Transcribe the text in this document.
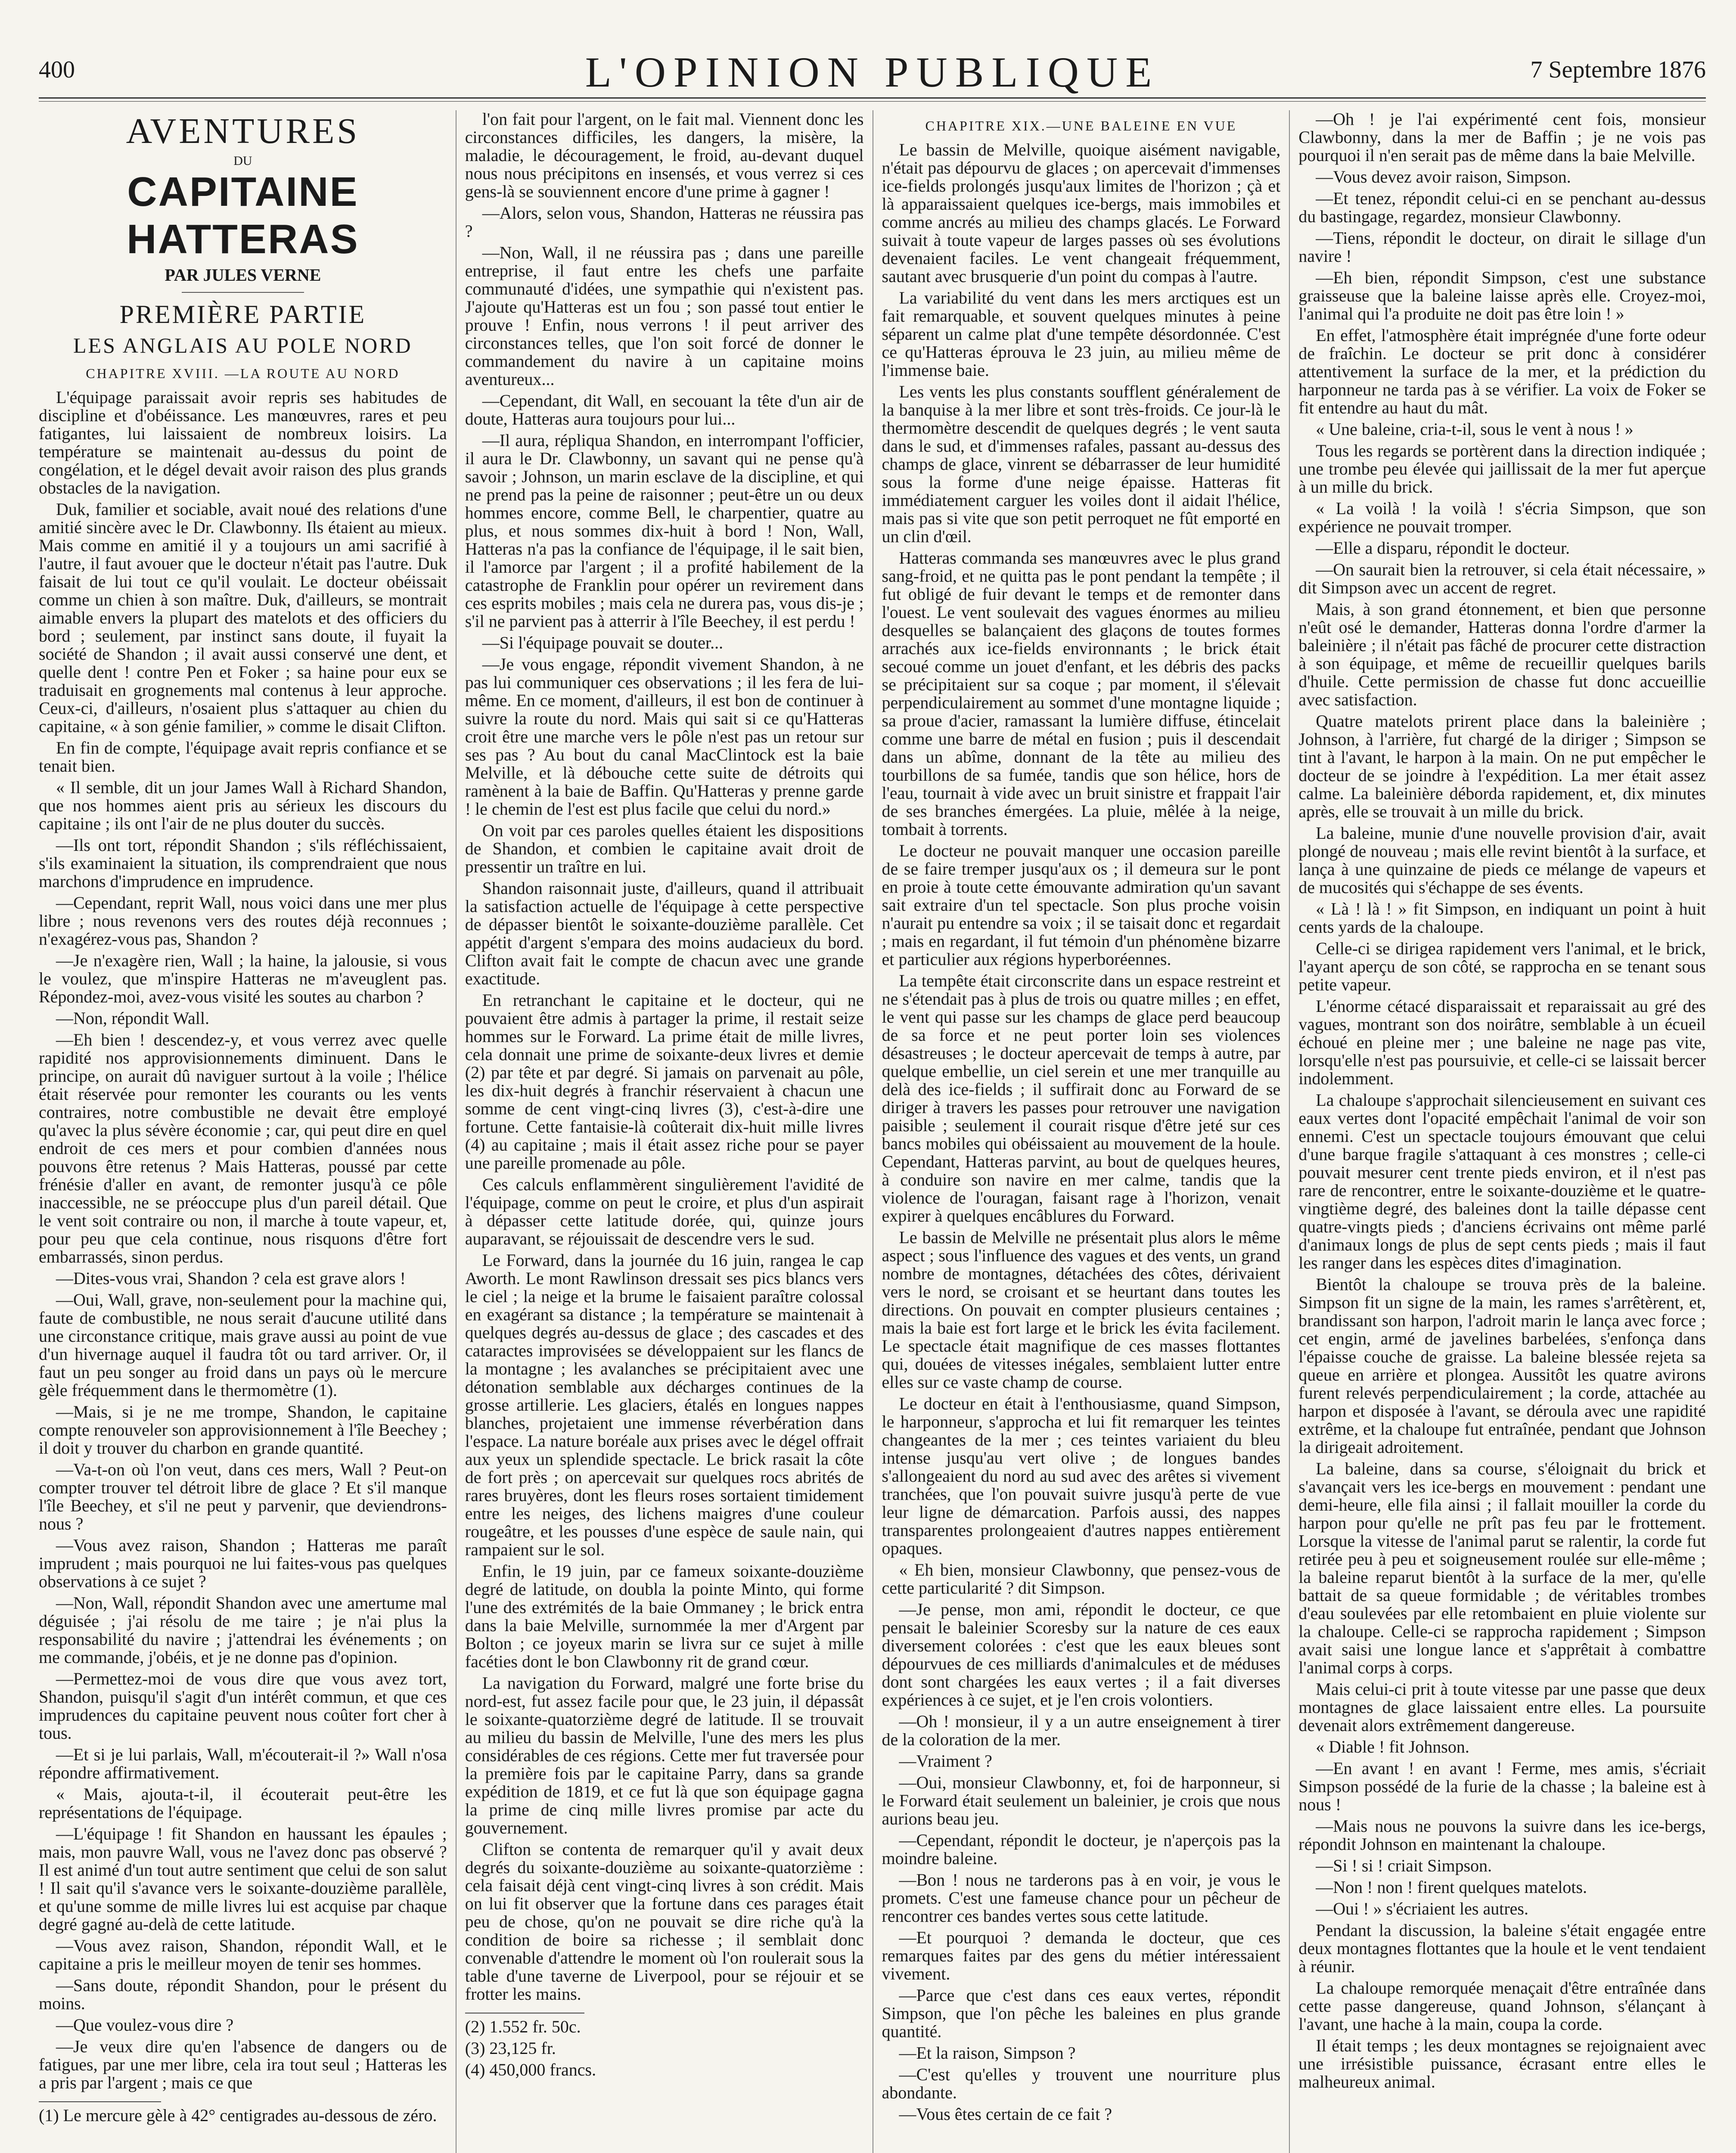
400	L'OPINION PUBLIQUE	7 Septembre 1876
AVENTURES
DU
CAPITAINE HATTERAS
PAR JULES VERNE
PREMIÈRE PARTIE
LES ANGLAIS AU POLE NORD
CHAPITRE XVIII. —LA ROUTE AU NORD

L'équipage paraissait avoir repris ses habitudes de discipline et d'obéissance. Les manœuvres, rares et peu fatigantes, lui laissaient de nombreux loisirs. La température se maintenait au-dessus du point de congélation, et le dégel devait avoir raison des plus grands obstacles de la navigation.

Duk, familier et sociable, avait noué des relations d'une amitié sincère avec le Dr. Clawbonny. Ils étaient au mieux. Mais comme en amitié il y a toujours un ami sacrifié à l'autre, il faut avouer que le docteur n'était pas l'autre. Duk faisait de lui tout ce qu'il voulait. Le docteur obéissait comme un chien à son maître. Duk, d'ailleurs, se montrait aimable envers la plupart des matelots et des officiers du bord ; seulement, par instinct sans doute, il fuyait la société de Shandon ; il avait aussi conservé une dent, et quelle dent ! contre Pen et Foker ; sa haine pour eux se traduisait en grognements mal contenus à leur approche. Ceux-ci, d'ailleurs, n'osaient plus s'attaquer au chien du capitaine, « à son génie familier, » comme le disait Clifton.

En fin de compte, l'équipage avait repris confiance et se tenait bien.

« Il semble, dit un jour James Wall à Richard Shandon, que nos hommes aient pris au sérieux les discours du capitaine ; ils ont l'air de ne plus douter du succès.

—Ils ont tort, répondit Shandon ; s'ils réfléchissaient, s'ils examinaient la situation, ils comprendraient que nous marchons d'imprudence en imprudence.

—Cependant, reprit Wall, nous voici dans une mer plus libre ; nous revenons vers des routes déjà reconnues ; n'exagérez-vous pas, Shandon ?

—Je n'exagère rien, Wall ; la haine, la jalousie, si vous le voulez, que m'inspire Hatteras ne m'aveuglent pas. Répondez-moi, avez-vous visité les soutes au charbon ?

—Non, répondit Wall.

—Eh bien ! descendez-y, et vous verrez avec quelle rapidité nos approvisionnements diminuent. Dans le principe, on aurait dû naviguer surtout à la voile ; l'hélice était réservée pour remonter les courants ou les vents contraires, notre combustible ne devait être employé qu'avec la plus sévère économie ; car, qui peut dire en quel endroit de ces mers et pour combien d'années nous pouvons être retenus ? Mais Hatteras, poussé par cette frénésie d'aller en avant, de remonter jusqu'à ce pôle inaccessible, ne se préoccupe plus d'un pareil détail. Que le vent soit contraire ou non, il marche à toute vapeur, et, pour peu que cela continue, nous risquons d'être fort embarrassés, sinon perdus.

—Dites-vous vrai, Shandon ? cela est grave alors !

—Oui, Wall, grave, non-seulement pour la machine qui, faute de combustible, ne nous serait d'aucune utilité dans une circonstance critique, mais grave aussi au point de vue d'un hivernage auquel il faudra tôt ou tard arriver. Or, il faut un peu songer au froid dans un pays où le mercure gèle fréquemment dans le thermomètre (1).

—Mais, si je ne me trompe, Shandon, le capitaine compte renouveler son approvisionnement à l'île Beechey ; il doit y trouver du charbon en grande quantité.

—Va-t-on où l'on veut, dans ces mers, Wall ? Peut-on compter trouver tel détroit libre de glace ? Et s'il manque l'île Beechey, et s'il ne peut y parvenir, que deviendrons-nous ?

—Vous avez raison, Shandon ; Hatteras me paraît imprudent ; mais pourquoi ne lui faites-vous pas quelques observations à ce sujet ?

—Non, Wall, répondit Shandon avec une amertume mal déguisée ; j'ai résolu de me taire ; je n'ai plus la responsabilité du navire ; j'attendrai les événements ; on me commande, j'obéis, et je ne donne pas d'opinion.

—Permettez-moi de vous dire que vous avez tort, Shandon, puisqu'il s'agit d'un intérêt commun, et que ces imprudences du capitaine peuvent nous coûter fort cher à tous.

—Et si je lui parlais, Wall, m'écouterait-il ?» Wall n'osa répondre affirmativement.

« Mais, ajouta-t-il, il écouterait peut-être les représentations de l'équipage.

—L'équipage ! fit Shandon en haussant les épaules ; mais, mon pauvre Wall, vous ne l'avez donc pas observé ? Il est animé d'un tout autre sentiment que celui de son salut ! Il sait qu'il s'avance vers le soixante-douzième parallèle, et qu'une somme de mille livres lui est acquise par chaque degré gagné au-delà de cette latitude.

—Vous avez raison, Shandon, répondit Wall, et le capitaine a pris le meilleur moyen de tenir ses hommes.

—Sans doute, répondit Shandon, pour le présent du moins.

—Que voulez-vous dire ?

—Je veux dire qu'en l'absence de dangers ou de fatigues, par une mer libre, cela ira tout seul ; Hatteras les a pris par l'argent ; mais ce que

(1) Le mercure gèle à 42° centigrades au-dessous de zéro.

l'on fait pour l'argent, on le fait mal. Viennent donc les circonstances difficiles, les dangers, la misère, la maladie, le découragement, le froid, au-devant duquel nous nous précipitons en insensés, et vous verrez si ces gens-là se souviennent encore d'une prime à gagner !

—Alors, selon vous, Shandon, Hatteras ne réussira pas ?

—Non, Wall, il ne réussira pas ; dans une pareille entreprise, il faut entre les chefs une parfaite communauté d'idées, une sympathie qui n'existent pas. J'ajoute qu'Hatteras est un fou ; son passé tout entier le prouve ! Enfin, nous verrons ! il peut arriver des circonstances telles, que l'on soit forcé de donner le commandement du navire à un capitaine moins aventureux...

—Cependant, dit Wall, en secouant la tête d'un air de doute, Hatteras aura toujours pour lui...

—Il aura, répliqua Shandon, en interrompant l'officier, il aura le Dr. Clawbonny, un savant qui ne pense qu'à savoir ; Johnson, un marin esclave de la discipline, et qui ne prend pas la peine de raisonner ; peut-être un ou deux hommes encore, comme Bell, le charpentier, quatre au plus, et nous sommes dix-huit à bord ! Non, Wall, Hatteras n'a pas la confiance de l'équipage, il le sait bien, il l'amorce par l'argent ; il a profité habilement de la catastrophe de Franklin pour opérer un revirement dans ces esprits mobiles ; mais cela ne durera pas, vous dis-je ; s'il ne parvient pas à atterrir à l'île Beechey, il est perdu !

—Si l'équipage pouvait se douter...

—Je vous engage, répondit vivement Shandon, à ne pas lui communiquer ces observations ; il les fera de lui-même. En ce moment, d'ailleurs, il est bon de continuer à suivre la route du nord. Mais qui sait si ce qu'Hatteras croit être une marche vers le pôle n'est pas un retour sur ses pas ? Au bout du canal MacClintock est la baie Melville, et là débouche cette suite de détroits qui ramènent à la baie de Baffin. Qu'Hatteras y prenne garde ! le chemin de l'est est plus facile que celui du nord.»

On voit par ces paroles quelles étaient les dispositions de Shandon, et combien le capitaine avait droit de pressentir un traître en lui.

Shandon raisonnait juste, d'ailleurs, quand il attribuait la satisfaction actuelle de l'équipage à cette perspective de dépasser bientôt le soixante-douzième parallèle. Cet appétit d'argent s'empara des moins audacieux du bord. Clifton avait fait le compte de chacun avec une grande exactitude.

En retranchant le capitaine et le docteur, qui ne pouvaient être admis à partager la prime, il restait seize hommes sur le Forward. La prime était de mille livres, cela donnait une prime de soixante-deux livres et demie (2) par tête et par degré. Si jamais on parvenait au pôle, les dix-huit degrés à franchir réservaient à chacun une somme de cent vingt-cinq livres (3), c'est-à-dire une fortune. Cette fantaisie-là coûterait dix-huit mille livres (4) au capitaine ; mais il était assez riche pour se payer une pareille promenade au pôle.

Ces calculs enflammèrent singulièrement l'avidité de l'équipage, comme on peut le croire, et plus d'un aspirait à dépasser cette latitude dorée, qui, quinze jours auparavant, se réjouissait de descendre vers le sud.

Le Forward, dans la journée du 16 juin, rangea le cap Aworth. Le mont Rawlinson dressait ses pics blancs vers le ciel ; la neige et la brume le faisaient paraître colossal en exagérant sa distance ; la température se maintenait à quelques degrés au-dessus de glace ; des cascades et des cataractes improvisées se développaient sur les flancs de la montagne ; les avalanches se précipitaient avec une détonation semblable aux décharges continues de la grosse artillerie. Les glaciers, étalés en longues nappes blanches, projetaient une immense réverbération dans l'espace. La nature boréale aux prises avec le dégel offrait aux yeux un splendide spectacle. Le brick rasait la côte de fort près ; on apercevait sur quelques rocs abrités de rares bruyères, dont les fleurs roses sortaient timidement entre les neiges, des lichens maigres d'une couleur rougeâtre, et les pousses d'une espèce de saule nain, qui rampaient sur le sol.

Enfin, le 19 juin, par ce fameux soixante-douzième degré de latitude, on doubla la pointe Minto, qui forme l'une des extrémités de la baie Ommaney ; le brick entra dans la baie Melville, surnommée la mer d'Argent par Bolton ; ce joyeux marin se livra sur ce sujet à mille facéties dont le bon Clawbonny rit de grand cœur.

La navigation du Forward, malgré une forte brise du nord-est, fut assez facile pour que, le 23 juin, il dépassât le soixante-quatorzième degré de latitude. Il se trouvait au milieu du bassin de Melville, l'une des mers les plus considérables de ces régions. Cette mer fut traversée pour la première fois par le capitaine Parry, dans sa grande expédition de 1819, et ce fut là que son équipage gagna la prime de cinq mille livres promise par acte du gouvernement.

Clifton se contenta de remarquer qu'il y avait deux degrés du soixante-douzième au soixante-quatorzième : cela faisait déjà cent vingt-cinq livres à son crédit. Mais on lui fit observer que la fortune dans ces parages était peu de chose, qu'on ne pouvait se dire riche qu'à la condition de boire sa richesse ; il semblait donc convenable d'attendre le moment où l'on roulerait sous la table d'une taverne de Liverpool, pour se réjouir et se frotter les mains.

(2) 1.552 fr. 50c.

(3) 23,125 fr.

(4) 450,000 francs.

CHAPITRE XIX.—UNE BALEINE EN VUE

Le bassin de Melville, quoique aisément navigable, n'était pas dépourvu de glaces ; on apercevait d'immenses ice-fields prolongés jusqu'aux limites de l'horizon ; çà et là apparaissaient quelques ice-bergs, mais immobiles et comme ancrés au milieu des champs glacés. Le Forward suivait à toute vapeur de larges passes où ses évolutions devenaient faciles. Le vent changeait fréquemment, sautant avec brusquerie d'un point du compas à l'autre.

La variabilité du vent dans les mers arctiques est un fait remarquable, et souvent quelques minutes à peine séparent un calme plat d'une tempête désordonnée. C'est ce qu'Hatteras éprouva le 23 juin, au milieu même de l'immense baie.

Les vents les plus constants soufflent généralement de la banquise à la mer libre et sont très-froids. Ce jour-là le thermomètre descendit de quelques degrés ; le vent sauta dans le sud, et d'immenses rafales, passant au-dessus des champs de glace, vinrent se débarrasser de leur humidité sous la forme d'une neige épaisse. Hatteras fit immédiatement carguer les voiles dont il aidait l'hélice, mais pas si vite que son petit perroquet ne fût emporté en un clin d'œil.

Hatteras commanda ses manœuvres avec le plus grand sang-froid, et ne quitta pas le pont pendant la tempête ; il fut obligé de fuir devant le temps et de remonter dans l'ouest. Le vent soulevait des vagues énormes au milieu desquelles se balançaient des glaçons de toutes formes arrachés aux ice-fields environnants ; le brick était secoué comme un jouet d'enfant, et les débris des packs se précipitaient sur sa coque ; par moment, il s'élevait perpendiculairement au sommet d'une montagne liquide ; sa proue d'acier, ramassant la lumière diffuse, étincelait comme une barre de métal en fusion ; puis il descendait dans un abîme, donnant de la tête au milieu des tourbillons de sa fumée, tandis que son hélice, hors de l'eau, tournait à vide avec un bruit sinistre et frappait l'air de ses branches émergées. La pluie, mêlée à la neige, tombait à torrents.

Le docteur ne pouvait manquer une occasion pareille de se faire tremper jusqu'aux os ; il demeura sur le pont en proie à toute cette émouvante admiration qu'un savant sait extraire d'un tel spectacle. Son plus proche voisin n'aurait pu entendre sa voix ; il se taisait donc et regardait ; mais en regardant, il fut témoin d'un phénomène bizarre et particulier aux régions hyperboréennes.

La tempête était circonscrite dans un espace restreint et ne s'étendait pas à plus de trois ou quatre milles ; en effet, le vent qui passe sur les champs de glace perd beaucoup de sa force et ne peut porter loin ses violences désastreuses ; le docteur apercevait de temps à autre, par quelque embellie, un ciel serein et une mer tranquille au delà des ice-fields ; il suffirait donc au Forward de se diriger à travers les passes pour retrouver une navigation paisible ; seulement il courait risque d'être jeté sur ces bancs mobiles qui obéissaient au mouvement de la houle. Cependant, Hatteras parvint, au bout de quelques heures, à conduire son navire en mer calme, tandis que la violence de l'ouragan, faisant rage à l'horizon, venait expirer à quelques encâblures du Forward.

Le bassin de Melville ne présentait plus alors le même aspect ; sous l'influence des vagues et des vents, un grand nombre de montagnes, détachées des côtes, dérivaient vers le nord, se croisant et se heurtant dans toutes les directions. On pouvait en compter plusieurs centaines ; mais la baie est fort large et le brick les évita facilement. Le spectacle était magnifique de ces masses flottantes qui, douées de vitesses inégales, semblaient lutter entre elles sur ce vaste champ de course.

Le docteur en était à l'enthousiasme, quand Simpson, le harponneur, s'approcha et lui fit remarquer les teintes changeantes de la mer ; ces teintes variaient du bleu intense jusqu'au vert olive ; de longues bandes s'allongeaient du nord au sud avec des arêtes si vivement tranchées, que l'on pouvait suivre jusqu'à perte de vue leur ligne de démarcation. Parfois aussi, des nappes transparentes prolongeaient d'autres nappes entièrement opaques.

« Eh bien, monsieur Clawbonny, que pensez-vous de cette particularité ? dit Simpson.

—Je pense, mon ami, répondit le docteur, ce que pensait le baleinier Scoresby sur la nature de ces eaux diversement colorées : c'est que les eaux bleues sont dépourvues de ces milliards d'animalcules et de méduses dont sont chargées les eaux vertes ; il a fait diverses expériences à ce sujet, et je l'en crois volontiers.

—Oh ! monsieur, il y a un autre enseignement à tirer de la coloration de la mer.

—Vraiment ?

—Oui, monsieur Clawbonny, et, foi de harponneur, si le Forward était seulement un baleinier, je crois que nous aurions beau jeu.

—Cependant, répondit le docteur, je n'aperçois pas la moindre baleine.

—Bon ! nous ne tarderons pas à en voir, je vous le promets. C'est une fameuse chance pour un pêcheur de rencontrer ces bandes vertes sous cette latitude.

—Et pourquoi ? demanda le docteur, que ces remarques faites par des gens du métier intéressaient vivement.

—Parce que c'est dans ces eaux vertes, répondit Simpson, que l'on pêche les baleines en plus grande quantité.

—Et la raison, Simpson ?

—C'est qu'elles y trouvent une nourriture plus abondante.

—Vous êtes certain de ce fait ?

—Oh ! je l'ai expérimenté cent fois, monsieur Clawbonny, dans la mer de Baffin ; je ne vois pas pourquoi il n'en serait pas de même dans la baie Melville.

—Vous devez avoir raison, Simpson.

—Et tenez, répondit celui-ci en se penchant au-dessus du bastingage, regardez, monsieur Clawbonny.

—Tiens, répondit le docteur, on dirait le sillage d'un navire !

—Eh bien, répondit Simpson, c'est une substance graisseuse que la baleine laisse après elle. Croyez-moi, l'animal qui l'a produite ne doit pas être loin ! »

En effet, l'atmosphère était imprégnée d'une forte odeur de fraîchin. Le docteur se prit donc à considérer attentivement la surface de la mer, et la prédiction du harponneur ne tarda pas à se vérifier. La voix de Foker se fit entendre au haut du mât.

« Une baleine, cria-t-il, sous le vent à nous ! »

Tous les regards se portèrent dans la direction indiquée ; une trombe peu élevée qui jaillissait de la mer fut aperçue à un mille du brick.

« La voilà ! la voilà ! s'écria Simpson, que son expérience ne pouvait tromper.

—Elle a disparu, répondit le docteur.

—On saurait bien la retrouver, si cela était nécessaire, » dit Simpson avec un accent de regret.

Mais, à son grand étonnement, et bien que personne n'eût osé le demander, Hatteras donna l'ordre d'armer la baleinière ; il n'était pas fâché de procurer cette distraction à son équipage, et même de recueillir quelques barils d'huile. Cette permission de chasse fut donc accueillie avec satisfaction.

Quatre matelots prirent place dans la baleinière ; Johnson, à l'arrière, fut chargé de la diriger ; Simpson se tint à l'avant, le harpon à la main. On ne put empêcher le docteur de se joindre à l'expédition. La mer était assez calme. La baleinière déborda rapidement, et, dix minutes après, elle se trouvait à un mille du brick.

La baleine, munie d'une nouvelle provision d'air, avait plongé de nouveau ; mais elle revint bientôt à la surface, et lança à une quinzaine de pieds ce mélange de vapeurs et de mucosités qui s'échappe de ses évents.

« Là ! là ! » fit Simpson, en indiquant un point à huit cents yards de la chaloupe.

Celle-ci se dirigea rapidement vers l'animal, et le brick, l'ayant aperçu de son côté, se rapprocha en se tenant sous petite vapeur.

L'énorme cétacé disparaissait et reparaissait au gré des vagues, montrant son dos noirâtre, semblable à un écueil échoué en pleine mer ; une baleine ne nage pas vite, lorsqu'elle n'est pas poursuivie, et celle-ci se laissait bercer indolemment.

La chaloupe s'approchait silencieusement en suivant ces eaux vertes dont l'opacité empêchait l'animal de voir son ennemi. C'est un spectacle toujours émouvant que celui d'une barque fragile s'attaquant à ces monstres ; celle-ci pouvait mesurer cent trente pieds environ, et il n'est pas rare de rencontrer, entre le soixante-douzième et le quatre-vingtième degré, des baleines dont la taille dépasse cent quatre-vingts pieds ; d'anciens écrivains ont même parlé d'animaux longs de plus de sept cents pieds ; mais il faut les ranger dans les espèces dites d'imagination.

Bientôt la chaloupe se trouva près de la baleine. Simpson fit un signe de la main, les rames s'arrêtèrent, et, brandissant son harpon, l'adroit marin le lança avec force ; cet engin, armé de javelines barbelées, s'enfonça dans l'épaisse couche de graisse. La baleine blessée rejeta sa queue en arrière et plongea. Aussitôt les quatre avirons furent relevés perpendiculairement ; la corde, attachée au harpon et disposée à l'avant, se déroula avec une rapidité extrême, et la chaloupe fut entraînée, pendant que Johnson la dirigeait adroitement.

La baleine, dans sa course, s'éloignait du brick et s'avançait vers les ice-bergs en mouvement : pendant une demi-heure, elle fila ainsi ; il fallait mouiller la corde du harpon pour qu'elle ne prît pas feu par le frottement. Lorsque la vitesse de l'animal parut se ralentir, la corde fut retirée peu à peu et soigneusement roulée sur elle-même ; la baleine reparut bientôt à la surface de la mer, qu'elle battait de sa queue formidable ; de véritables trombes d'eau soulevées par elle retombaient en pluie violente sur la chaloupe. Celle-ci se rapprocha rapidement ; Simpson avait saisi une longue lance et s'apprêtait à combattre l'animal corps à corps.

Mais celui-ci prit à toute vitesse par une passe que deux montagnes de glace laissaient entre elles. La poursuite devenait alors extrêmement dangereuse.

« Diable ! fit Johnson.

—En avant ! en avant ! Ferme, mes amis, s'écriait Simpson possédé de la furie de la chasse ; la baleine est à nous !

—Mais nous ne pouvons la suivre dans les ice-bergs, répondit Johnson en maintenant la chaloupe.

—Si ! si ! criait Simpson.

—Non ! non ! firent quelques matelots.

—Oui ! » s'écriaient les autres.

Pendant la discussion, la baleine s'était engagée entre deux montagnes flottantes que la houle et le vent tendaient à réunir.

La chaloupe remorquée menaçait d'être entraînée dans cette passe dangereuse, quand Johnson, s'élançant à l'avant, une hache à la main, coupa la corde.

Il était temps ; les deux montagnes se rejoignaient avec une irrésistible puissance, écrasant entre elles le malheureux animal.
